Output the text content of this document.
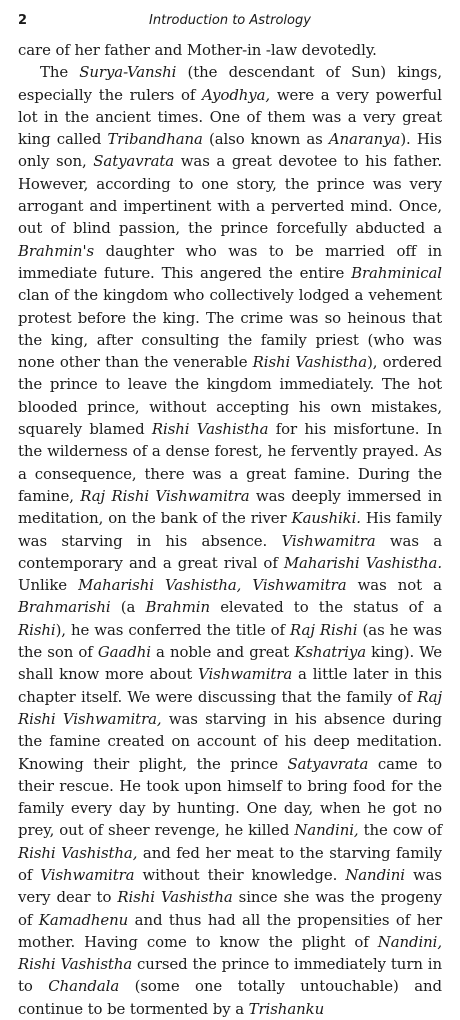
2	Introduction to Astrology

care of her father and Mother-in -law devotedly.

The Surya-Vanshi (the descendant of Sun) kings, especially the rulers of Ayodhya, were a very powerful lot in the ancient times. One of them was a very great king called Tribandhana (also known as Anaranya). His only son, Satyavrata was a great devotee to his father. However, according to one story, the prince was very arrogant and impertinent with a perverted mind. Once, out of blind passion, the prince forcefully abducted a Brahmin's daughter who was to be married off in immediate future. This angered the entire Brahminical clan of the kingdom who collectively lodged a vehement protest before the king. The crime was so heinous that the king, after consulting the family priest (who was none other than the venerable Rishi Vashistha), ordered the prince to leave the kingdom immediately. The hot blooded prince, without accepting his own mistakes, squarely blamed Rishi Vashistha for his misfortune. In the wilderness of a dense forest, he fervently prayed. As a consequence, there was a great famine. During the famine, Raj Rishi Vishwamitra was deeply immersed in meditation, on the bank of the river Kaushiki. His family was starving in his absence. Vishwamitra was a contemporary and a great rival of Maharishi Vashistha. Unlike Maharishi Vashistha, Vishwamitra was not a Brahmarishi (a Brahmin elevated to the status of a Rishi), he was conferred the title of Raj Rishi (as he was the son of Gaadhi a noble and great Kshatriya king). We shall know more about Vishwamitra a little later in this chapter itself. We were discussing that the family of Raj Rishi Vishwamitra, was starving in his absence during the famine created on account of his deep meditation. Knowing their plight, the prince Satyavrata came to their rescue. He took upon himself to bring food for the family every day by hunting. One day, when he got no prey, out of sheer revenge, he killed Nandini, the cow of Rishi Vashistha, and fed her meat to the starving family of Vishwamitra without their knowledge. Nandini was very dear to Rishi Vashistha since she was the progeny of Kamadhenu and thus had all the propensities of her mother. Having come to know the plight of Nandini, Rishi Vashistha cursed the prince to immediately turn in to Chandala (some one totally untouchable) and continue to be tormented by a Trishanku
